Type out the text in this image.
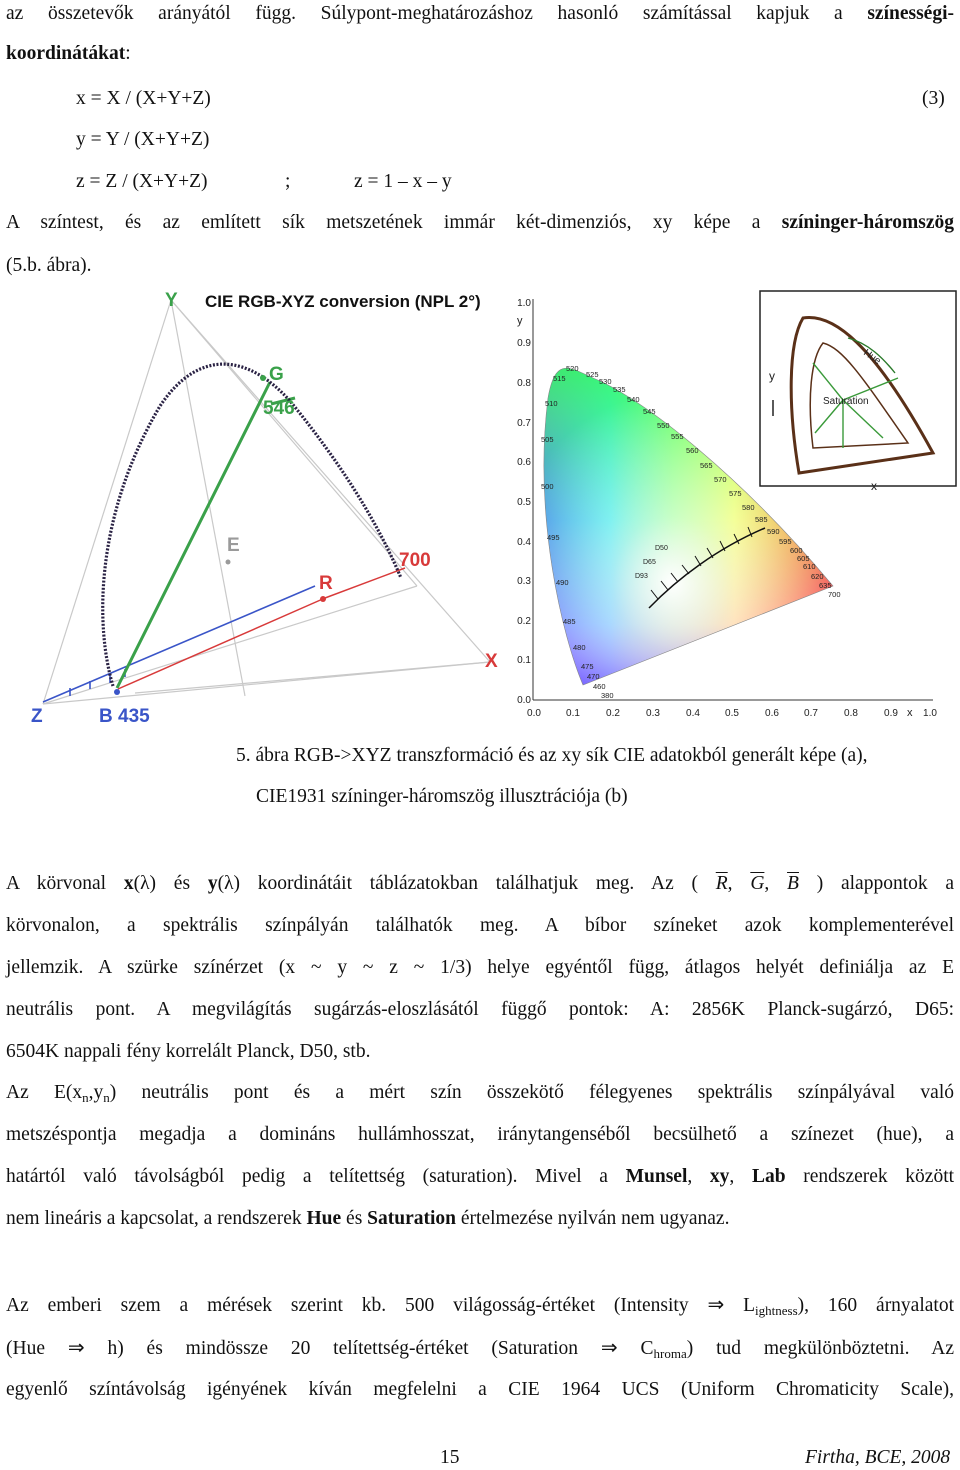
az összetevők arányától függ. Súlypont-meghatározáshoz hasonló számítással kapjuk a színességi-
koordinátákat:
x = X / (X+Y+Z)	(3)
y = Y / (X+Y+Z)
z = Z / (X+Y+Z)	;	z = 1 – x – y
A színtest, és az említett sík metszetének immár két-dimenziós, xy képe a színinger-háromszög
(5.b. ábra).
Y CIE RGB-XYZ conversion (NPL 2°)
G
546
E
R
700
X
Z	B 435
1.0
0.9
0.8
0.7
0.6
0.5
0.4
0.3
0.2
0.1
0.0
y
0.0	0.1	0.2	0.3	0.4	0.5	0.6	0.7	0.8	0.9	1.0
x
D50
D65
D93
520
525
515	530
535
510	540
545
505
550
555
560
500
565
570
575
580
585
495
590
595
600
605
610
490
620
635
700
485
480
475
470
460
380
y
x
Hue
Saturation
5. ábra RGB->XYZ transzformáció és az xy sík CIE adatokból generált képe (a),
CIE1931 színinger-háromszög illusztrációja (b)
A körvonal x(λ) és y(λ) koordinátáit táblázatokban találhatjuk meg. Az ( $\overline{R}$, $\overline{G}$, $\overline{B}$ ) alappontok a
körvonalon, a spektrális színpályán találhatók meg. A bíbor színeket azok komplementerével
jellemzik. A szürke színérzet (x ~ y ~ z ~ 1/3) helye egyéntől függ, átlagos helyét definiálja az E
neutrális pont. A megvilágítás sugárzás-eloszlásától függő pontok: A: 2856K Planck-sugárzó, D65:
6504K nappali fény korrelált Planck, D50, stb.
Az $E(x_n,y_n)$ neutrális pont és a mért szín összekötő félegyenes spektrális színpályával való
metszéspontja megadja a domináns hullámhosszat, iránytangenséből becsülhető a színezet (hue), a
határtól való távolságból pedig a telítettség (saturation). Mivel a Munsel, xy, Lab rendszerek között
nem lineáris a kapcsolat, a rendszerek Hue és Saturation értelmezése nyilván nem ugyanaz.
Az emberi szem a mérések szerint kb. 500 világosság-értéket (Intensity ⇒ $L_{ightness}$), 160 árnyalatot
(Hue ⇒ h) és mindössze 20 telítettség-értéket (Saturation ⇒ $C_{hroma}$) tud megkülönböztetni. Az
egyenlő színtávolság igényének kíván megfelelni a CIE 1964 UCS (Uniform Chromaticity Scale),
15	Firtha, BCE, 2008
